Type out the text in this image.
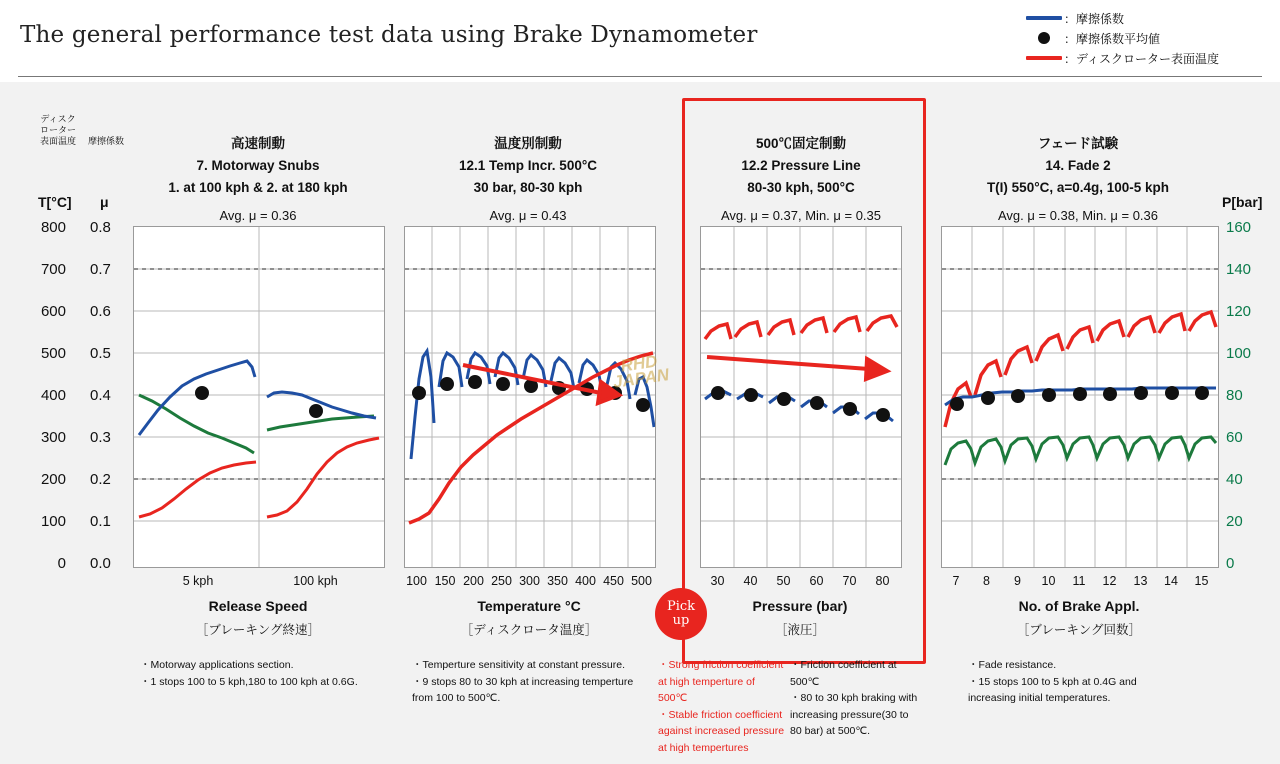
The general performance test data using Brake Dynamometer
：摩擦係数
：摩擦係数平均値
：ディスクローター表面温度
ディスク
ローター
表面温度	摩擦係数
T[°C] μ
800
700
600
500
400
300
200
100
0
0.8
0.7
0.6
0.5
0.4
0.3
0.2
0.1
0.0
P[bar]
160
140
120
100
80
60
40
20
0
高速制動
7. Motorway Snubs
1. at 100 kph & 2. at 180 kph
Avg. μ = 0.36
5 kph	100 kph
Release Speed
［ブレーキング終速］
・Motorway applications section.
・1 stops 100 to 5 kph,180 to 100 kph at 0.6G.
温度別制動
12.1 Temp Incr. 500°C
30 bar, 80-30 kph
Avg. μ = 0.43
100 150 200 250 300 350 400 450 500
Temperature °C
［ディスクロータ温度］
・Temperture sensitivity at constant pressure.
・9 stops 80 to 30 kph at increasing temperture
from 100 to 500℃.
500℃固定制動
12.2 Pressure Line
80-30 kph, 500°C
Avg. μ = 0.37, Min. μ = 0.35
30 40 50 60 70 80
Pressure (bar)
［液圧］
Pick
up
・Strong friction coefficient at high temperture of 500℃
・Stable friction coefficient against increased pressure at high tempertures
・Friction coefficient at 500℃
・80 to 30 kph braking with increasing pressure(30 to 80 bar) at 500℃.
フェード試験
14. Fade 2
T(I) 550°C, a=0.4g, 100-5 kph
Avg. μ = 0.38, Min. μ = 0.36
7 8 9 10 11 12 13 14 15
No. of Brake Appl.
［ブレーキング回数］
・Fade resistance.
・15 stops 100 to 5 kph at 0.4G and
increasing initial temperatures.
RHD JAPAN
